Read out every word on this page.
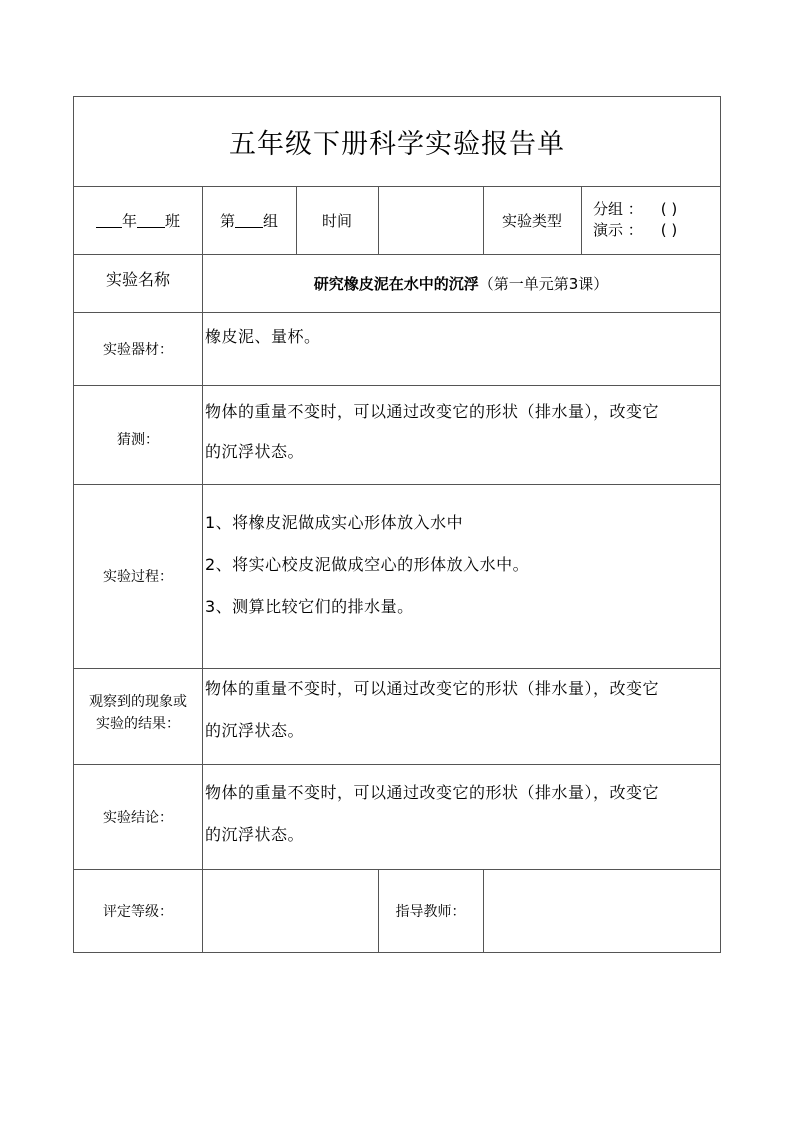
五年级下册科学实验报告单
年 班	第 组	时间	实验类型
分组 ： ( )
演示 ： ( )
实验名称	研究橡皮泥在水中的沉浮 （第一单元第3课）
实验器材：
橡皮泥、量杯。
猜测：
物体的重量不变时，可以通过改变它的形状（排水量），改变它
的沉浮状态。
实验过程：
1、将橡皮泥做成实心形体放入水中
2、将实心校皮泥做成空心的形体放入水中。
3、测算比较它们的排水量。
观察到的现象或
实验的结果：
物体的重量不变时，可以通过改变它的形状（排水量），改变它
的沉浮状态。
实验结论：
物体的重量不变时，可以通过改变它的形状（排水量），改变它
的沉浮状态。
评定等级：	指导教师：
